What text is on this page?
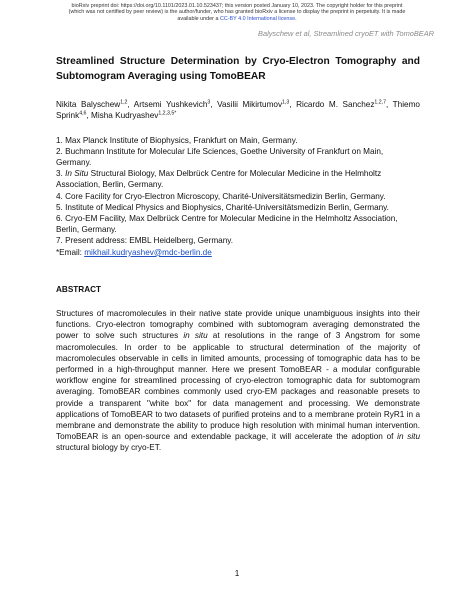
bioRxiv preprint doi: https://doi.org/10.1101/2023.01.10.523437; this version posted January 10, 2023. The copyright holder for this preprint
(which was not certified by peer review) is the author/funder, who has granted bioRxiv a license to display the preprint in perpetuity. It is made
available under a CC-BY 4.0 International license.
Balyschew et al, Streamlined cryoET with TomoBEAR

Streamlined Structure Determination by Cryo-Electron Tomography and Subtomogram Averaging using TomoBEAR

Nikita Balyschew$^{1,2}$, Artsemi Yushkevich$^3$, Vasilii Mikirtumov$^{1,3}$, Ricardo M. Sanchez$^{1,2,7}$, Thiemo Sprink$^{4,6}$, Misha Kudryashev$^{1,2,3,5*}$

1. Max Planck Institute of Biophysics, Frankfurt on Main, Germany.

2. Buchmann Institute for Molecular Life Sciences, Goethe University of Frankfurt on Main, Germany.

3. In Situ Structural Biology, Max Delbrück Centre for Molecular Medicine in the Helmholtz Association, Berlin, Germany.

4. Core Facility for Cryo-Electron Microscopy, Charité-Universitätsmedizin Berlin, Germany.

5. Institute of Medical Physics and Biophysics, Charité-Universitätsmedizin Berlin, Germany.

6. Cryo-EM Facility, Max Delbrück Centre for Molecular Medicine in the Helmholtz Association, Berlin, Germany.

7. Present address: EMBL Heidelberg, Germany.

*Email: mikhail.kudryashev@mdc-berlin.de

ABSTRACT

Structures of macromolecules in their native state provide unique unambiguous insights into their functions. Cryo-electron tomography combined with subtomogram averaging demonstrated the power to solve such structures in situ at resolutions in the range of 3 Angstrom for some macromolecules. In order to be applicable to structural determination of the majority of macromolecules observable in cells in limited amounts, processing of tomographic data has to be performed in a high-throughput manner. Here we present TomoBEAR - a modular configurable workflow engine for streamlined processing of cryo-electron tomographic data for subtomogram averaging. TomoBEAR combines commonly used cryo-EM packages and reasonable presets to provide a transparent "white box" for data management and processing. We demonstrate applications of TomoBEAR to two datasets of purified proteins and to a membrane protein RyR1 in a membrane and demonstrate the ability to produce high resolution with minimal human intervention. TomoBEAR is an open-source and extendable package, it will accelerate the adoption of in situ structural biology by cryo-ET.

1
